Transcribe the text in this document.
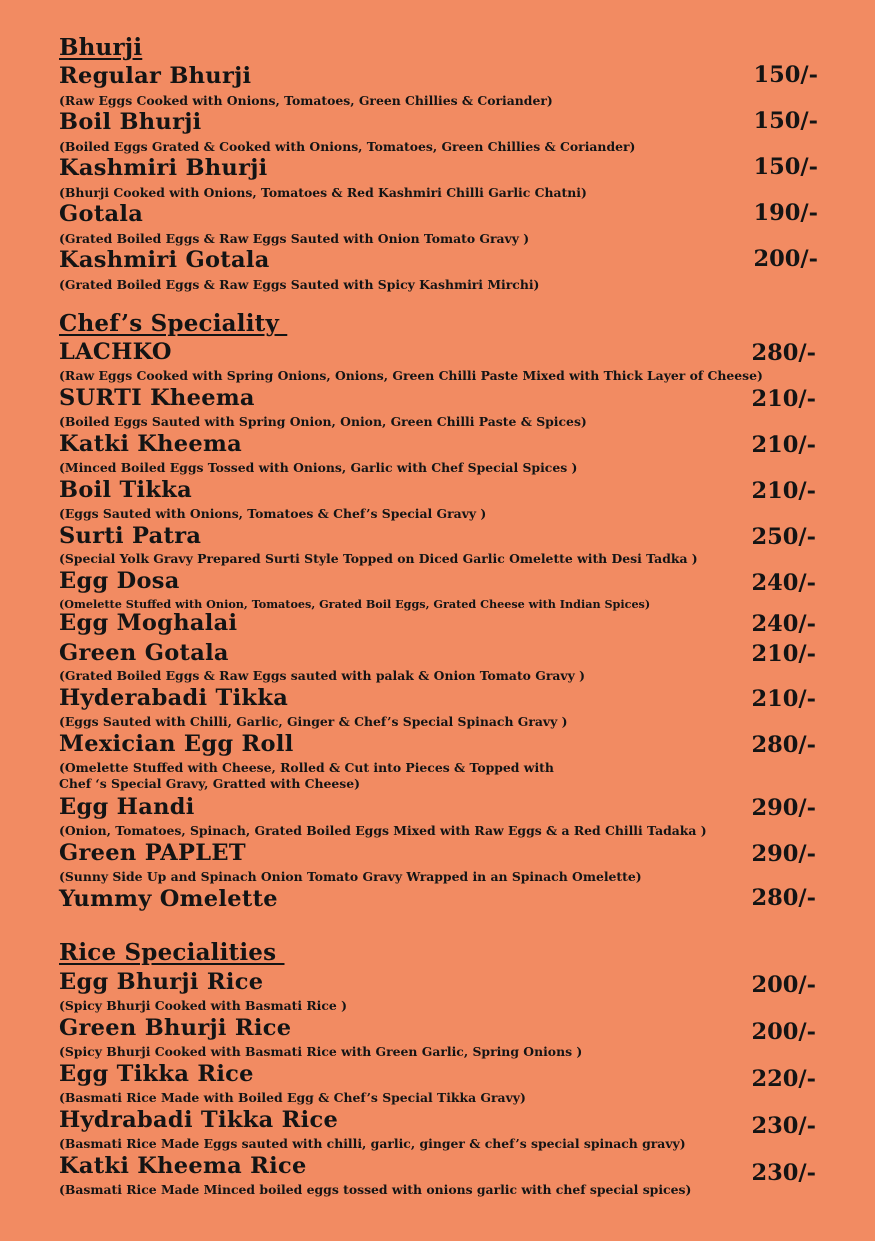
Bhurji
Regular Bhurji	150/-
(Raw Eggs Cooked with Onions, Tomatoes, Green Chillies & Coriander)
Boil Bhurji	150/-
(Boiled Eggs Grated & Cooked with Onions, Tomatoes, Green Chillies & Coriander)
Kashmiri Bhurji	150/-
(Bhurji Cooked with Onions, Tomatoes & Red Kashmiri Chilli Garlic Chatni)
Gotala	190/-
(Grated Boiled Eggs & Raw Eggs Sauted with Onion Tomato Gravy )
Kashmiri Gotala	200/-
(Grated Boiled Eggs & Raw Eggs Sauted with Spicy Kashmiri Mirchi)
Chef’s Speciality
LACHKO	280/-
(Raw Eggs Cooked with Spring Onions, Onions, Green Chilli Paste Mixed with Thick Layer of Cheese)
SURTI Kheema	210/-
(Boiled Eggs Sauted with Spring Onion, Onion, Green Chilli Paste & Spices)
Katki Kheema	210/-
(Minced Boiled Eggs Tossed with Onions, Garlic with Chef Special Spices )
Boil Tikka	210/-
(Eggs Sauted with Onions, Tomatoes & Chef’s Special Gravy )
Surti Patra	250/-
(Special Yolk Gravy Prepared Surti Style Topped on Diced Garlic Omelette with Desi Tadka )
Egg Dosa	240/-
(Omelette Stuffed with Onion, Tomatoes, Grated Boil Eggs, Grated Cheese with Indian Spices)
Egg Moghalai	240/-
Green Gotala	210/-
(Grated Boiled Eggs & Raw Eggs sauted with palak & Onion Tomato Gravy )
Hyderabadi Tikka	210/-
(Eggs Sauted with Chilli, Garlic, Ginger & Chef’s Special Spinach Gravy )
Mexician Egg Roll	280/-
(Omelette Stuffed with Cheese, Rolled & Cut into Pieces & Topped with
Chef ‘s Special Gravy, Gratted with Cheese)
Egg Handi	290/-
(Onion, Tomatoes, Spinach, Grated Boiled Eggs Mixed with Raw Eggs & a Red Chilli Tadaka )
Green PAPLET	290/-
(Sunny Side Up and Spinach Onion Tomato Gravy Wrapped in an Spinach Omelette)
Yummy Omelette	280/-
Rice Specialities
Egg Bhurji Rice	200/-
(Spicy Bhurji Cooked with Basmati Rice )
Green Bhurji Rice	200/-
(Spicy Bhurji Cooked with Basmati Rice with Green Garlic, Spring Onions )
Egg Tikka Rice	220/-
(Basmati Rice Made with Boiled Egg & Chef’s Special Tikka Gravy)
Hydrabadi Tikka Rice	230/-
(Basmati Rice Made Eggs sauted with chilli, garlic, ginger & chef’s special spinach gravy)
Katki Kheema Rice	230/-
(Basmati Rice Made Minced boiled eggs tossed with onions garlic with chef special spices)
